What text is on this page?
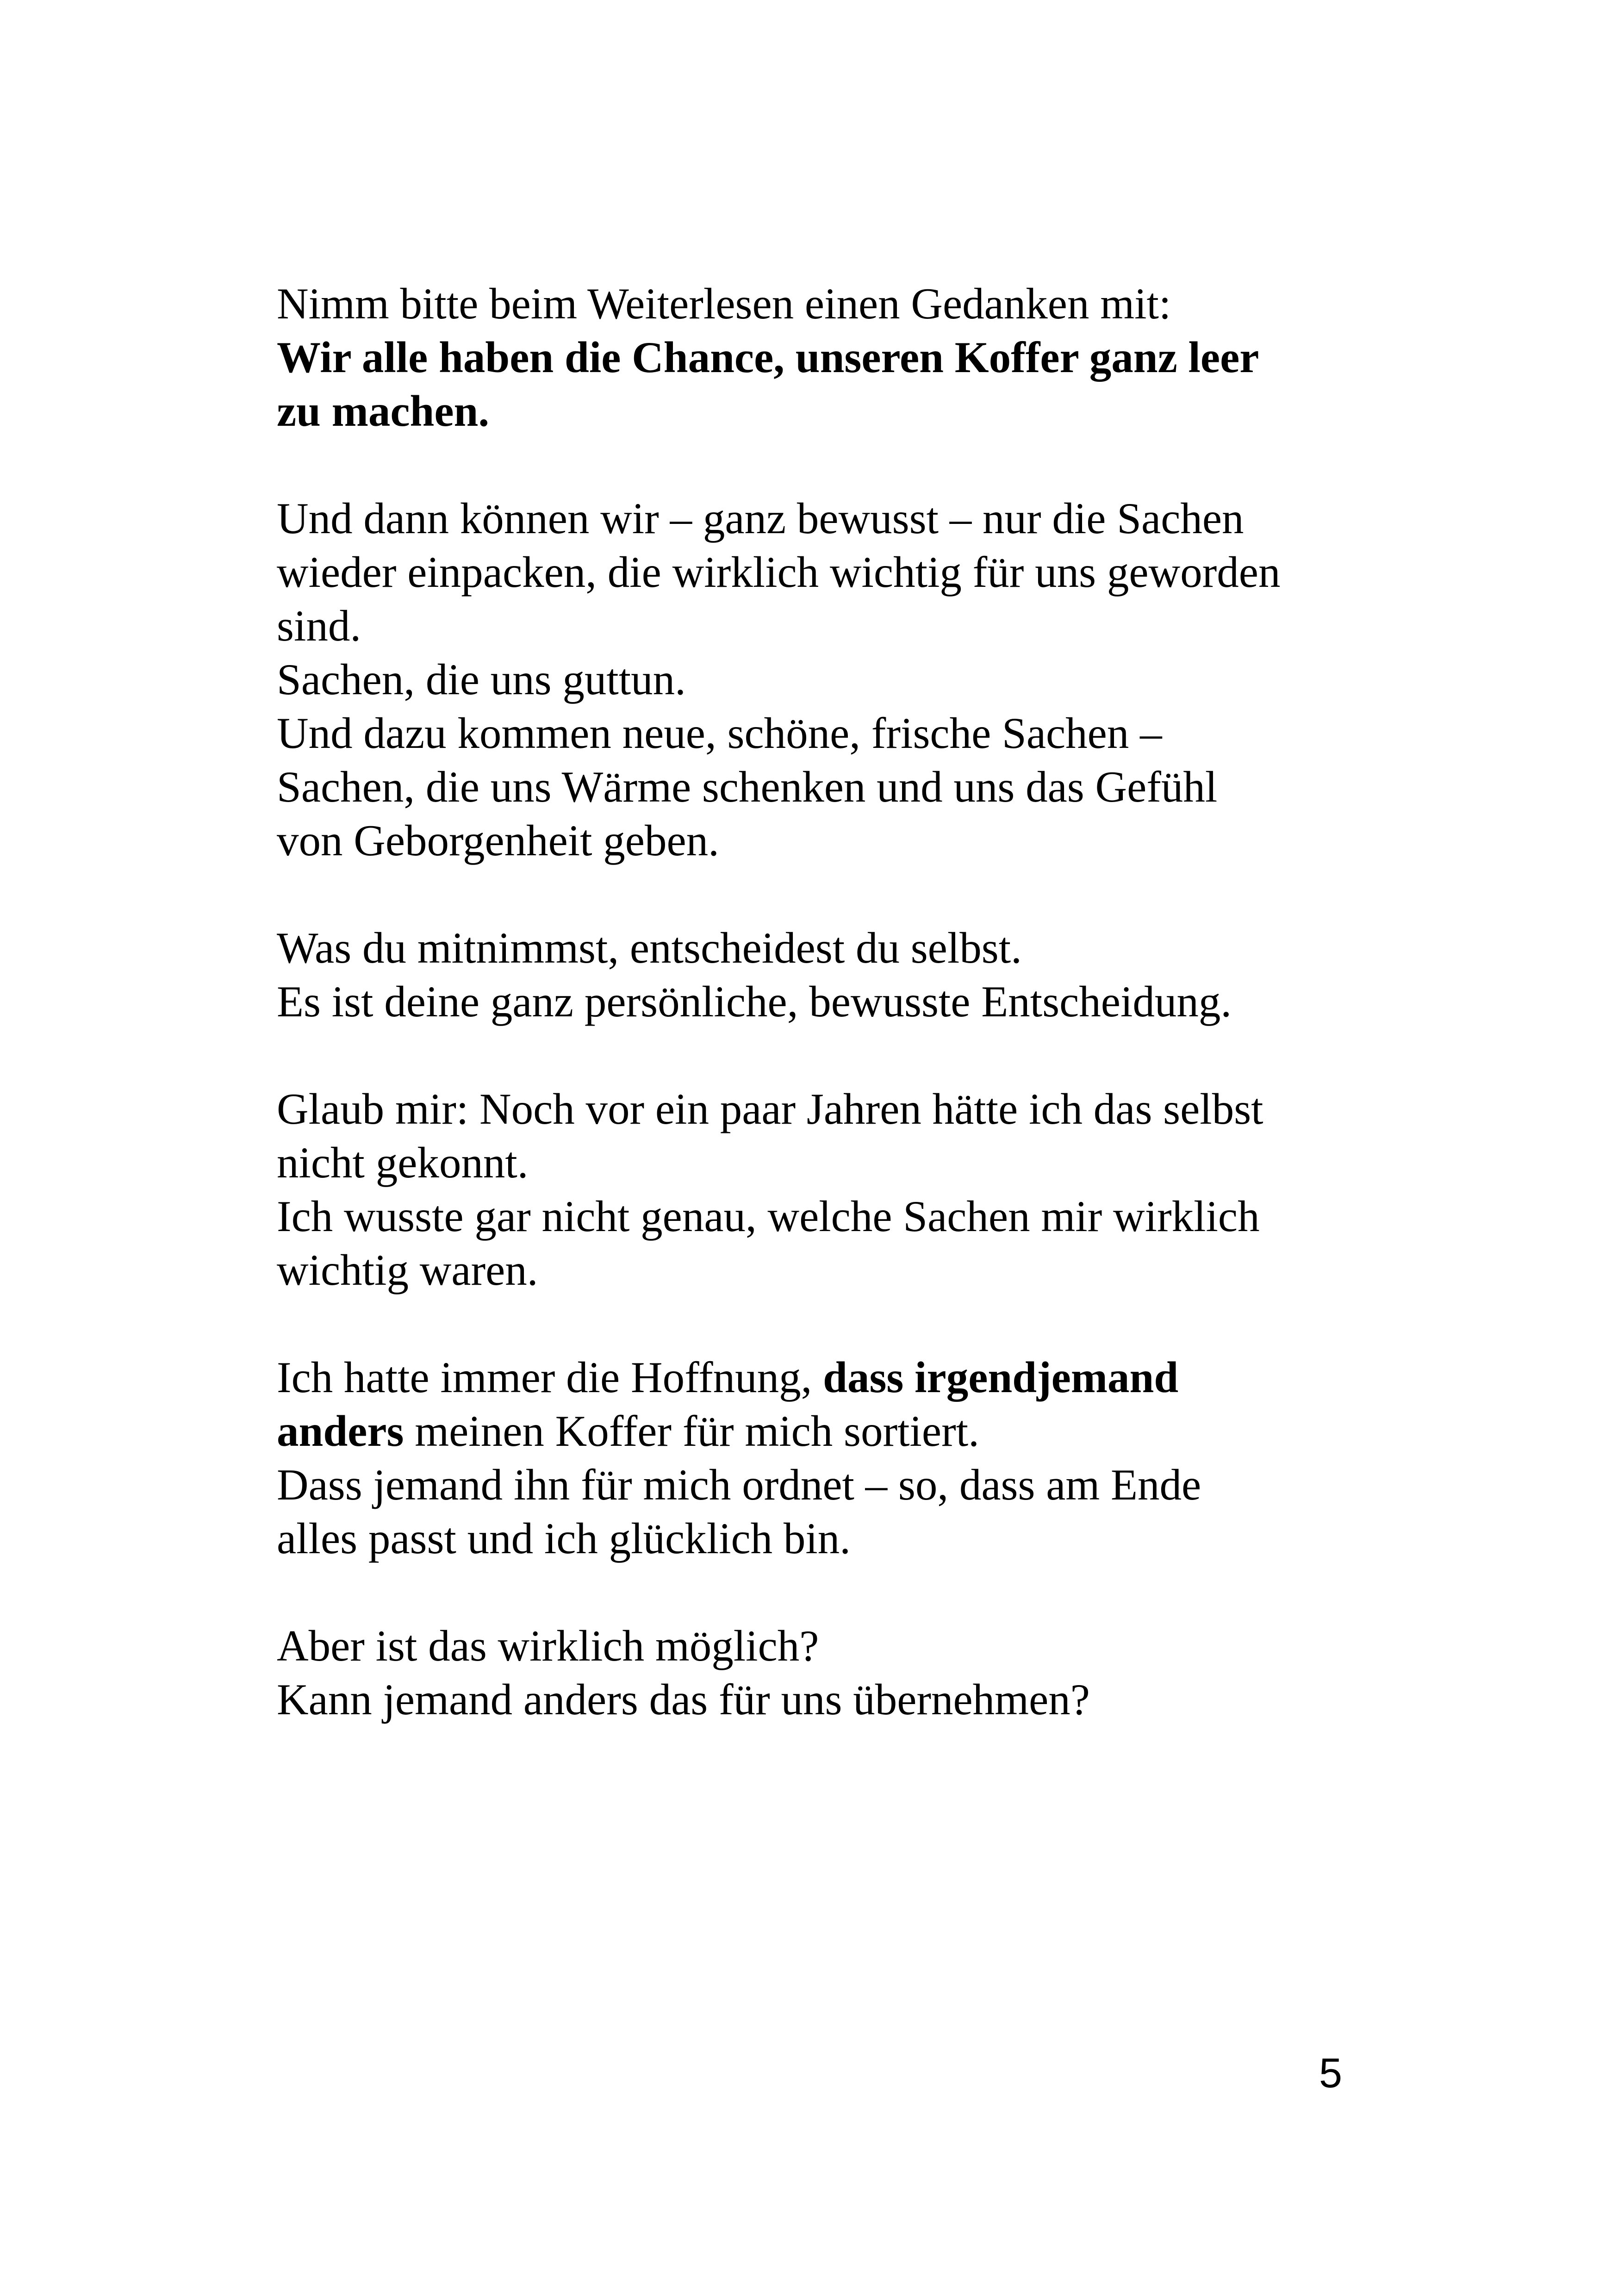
Nimm bitte beim Weiterlesen einen Gedanken mit:
Wir alle haben die Chance, unseren Koffer ganz leer
zu machen.
Und dann können wir – ganz bewusst – nur die Sachen
wieder einpacken, die wirklich wichtig für uns geworden
sind.
Sachen, die uns guttun.
Und dazu kommen neue, schöne, frische Sachen –
Sachen, die uns Wärme schenken und uns das Gefühl
von Geborgenheit geben.
Was du mitnimmst, entscheidest du selbst.
Es ist deine ganz persönliche, bewusste Entscheidung.
Glaub mir: Noch vor ein paar Jahren hätte ich das selbst
nicht gekonnt.
Ich wusste gar nicht genau, welche Sachen mir wirklich
wichtig waren.
Ich hatte immer die Hoffnung, dass irgendjemand
anders meinen Koffer für mich sortiert.
Dass jemand ihn für mich ordnet – so, dass am Ende
alles passt und ich glücklich bin.
Aber ist das wirklich möglich?
Kann jemand anders das für uns übernehmen?
5
